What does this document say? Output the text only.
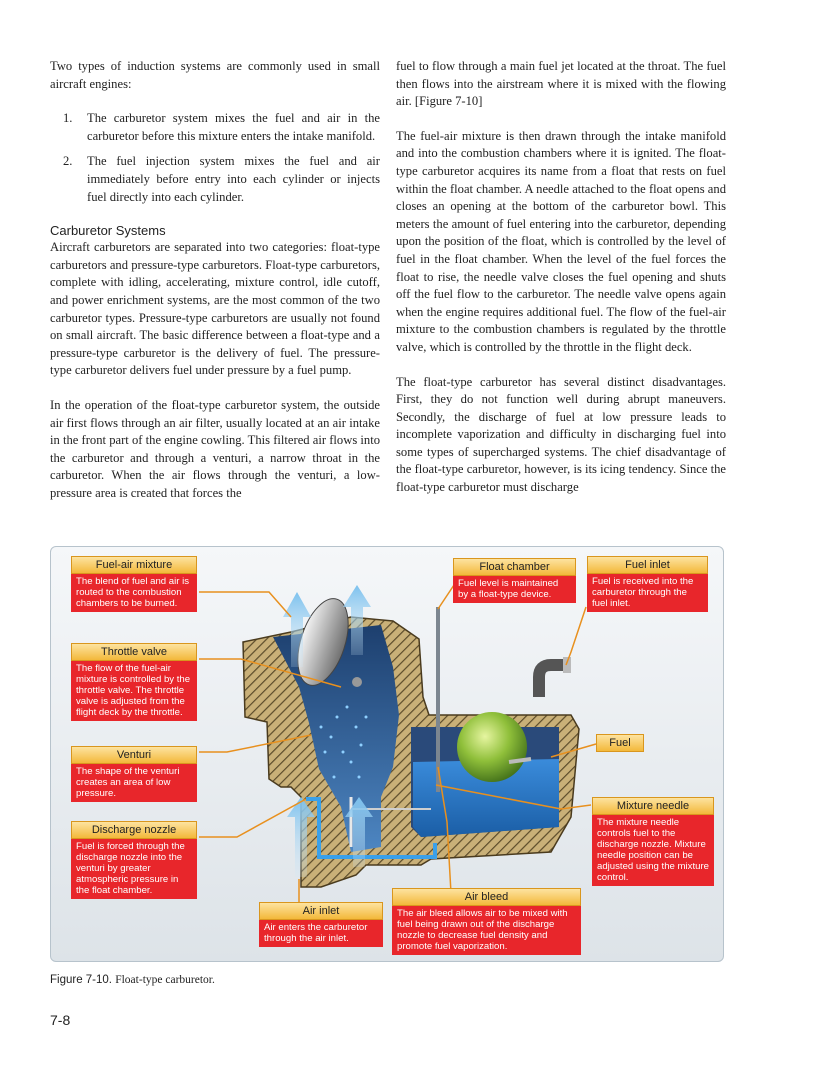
Two types of induction systems are commonly used in small aircraft engines:

1. The carburetor system mixes the fuel and air in the carburetor before this mixture enters the intake manifold.
2. The fuel injection system mixes the fuel and air immediately before entry into each cylinder or injects fuel directly into each cylinder.
Carburetor Systems

Aircraft carburetors are separated into two categories: float-type carburetors and pressure-type carburetors. Float-type carburetors, complete with idling, accelerating, mixture control, idle cutoff, and power enrichment systems, are the most common of the two carburetor types. Pressure-type carburetors are usually not found on small aircraft. The basic difference between a float-type and a pressure-type carburetor is the delivery of fuel. The pressure-type carburetor delivers fuel under pressure by a fuel pump.

In the operation of the float-type carburetor system, the outside air first flows through an air filter, usually located at an air intake in the front part of the engine cowling. This filtered air flows into the carburetor and through a venturi, a narrow throat in the carburetor. When the air flows through the venturi, a low-pressure area is created that forces the

fuel to flow through a main fuel jet located at the throat. The fuel then flows into the airstream where it is mixed with the flowing air. [Figure 7-10]

The fuel-air mixture is then drawn through the intake manifold and into the combustion chambers where it is ignited. The float-type carburetor acquires its name from a float that rests on fuel within the float chamber. A needle attached to the float opens and closes an opening at the bottom of the carburetor bowl. This meters the amount of fuel entering into the carburetor, depending upon the position of the float, which is controlled by the level of fuel in the float chamber. When the level of the fuel forces the float to rise, the needle valve closes the fuel opening and shuts off the fuel flow to the carburetor. The needle valve opens again when the engine requires additional fuel. The flow of the fuel-air mixture to the combustion chambers is regulated by the throttle valve, which is controlled by the throttle in the flight deck.

The float-type carburetor has several distinct disadvantages. First, they do not function well during abrupt maneuvers. Secondly, the discharge of fuel at low pressure leads to incomplete vaporization and difficulty in discharging fuel into some types of supercharged systems. The chief disadvantage of the float-type carburetor, however, is its icing tendency. Since the float-type carburetor must discharge

Fuel-air mixture
The blend of fuel and air is routed to the combustion chambers to be burned.
Throttle valve
The flow of the fuel-air mixture is controlled by the throttle valve. The throttle valve is adjusted from the flight deck by the throttle.
Venturi
The shape of the venturi creates an area of low pressure.
Discharge nozzle
Fuel is forced through the discharge nozzle into the venturi by greater atmospheric pressure in the float chamber.
Air inlet
Air enters the carburetor through the air inlet.
Air bleed
The air bleed allows air to be mixed with fuel being drawn out of the discharge nozzle to decrease fuel density and promote fuel vaporization.
Float chamber
Fuel level is maintained by a float-type device.
Fuel inlet
Fuel is received into the carburetor through the fuel inlet.
Fuel
Mixture needle
The mixture needle controls fuel to the discharge nozzle. Mixture needle position can be adjusted using the mixture control.
Figure 7-10. Float-type carburetor.
7-8
